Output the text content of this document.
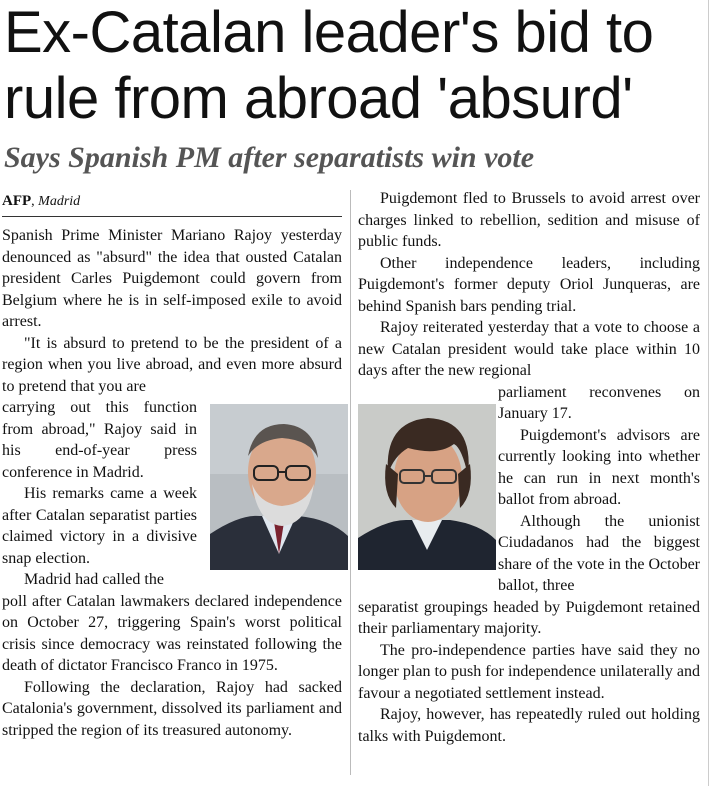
Ex-Catalan leader's bid to rule from abroad 'absurd'
Says Spanish PM after separatists win vote
AFP, Madrid

Spanish Prime Minister Mariano Rajoy yesterday denounced as "absurd" the idea that ousted Catalan president Carles Puigdemont could govern from Belgium where he is in self-imposed exile to avoid arrest.

"It is absurd to pretend to be the president of a region when you live abroad, and even more absurd to pretend that you are

carrying out this function from abroad," Rajoy said in his end-of-year press conference in Madrid.

His remarks came a week after Catalan separatist parties claimed victory in a divisive snap election.

Madrid had called the

poll after Catalan lawmakers declared independence on October 27, triggering Spain's worst political crisis since democracy was reinstated following the death of dictator Francisco Franco in 1975.

Following the declaration, Rajoy had sacked Catalonia's government, dissolved its parliament and stripped the region of its treasured autonomy.

Puigdemont fled to Brussels to avoid arrest over charges linked to rebellion, sedition and misuse of public funds.

Other independence leaders, including Puigdemont's former deputy Oriol Junqueras, are behind Spanish bars pending trial.

Rajoy reiterated yesterday that a vote to choose a new Catalan president would take place within 10 days after the new regional

parliament reconvenes on January 17.

Puigdemont's advisors are currently looking into whether he can run in next month's ballot from abroad.

Although the unionist Ciudadanos had the biggest share of the vote in the October ballot, three

separatist groupings headed by Puigdemont retained their parliamentary majority.

The pro-independence parties have said they no longer plan to push for independence unilaterally and favour a negotiated settlement instead.

Rajoy, however, has repeatedly ruled out holding talks with Puigdemont.
